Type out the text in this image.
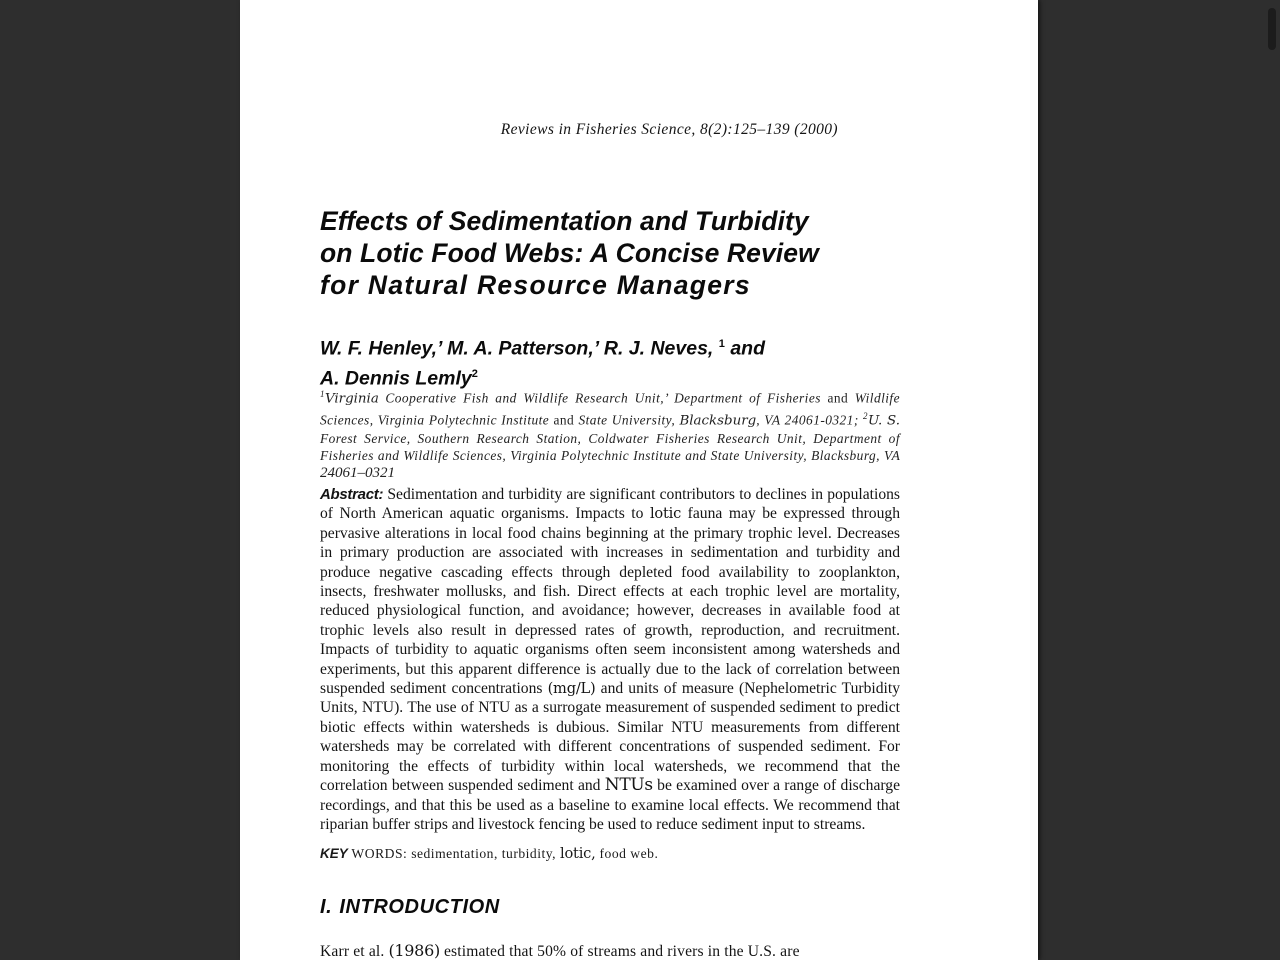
Reviews in Fisheries Science, 8(2):125–139 (2000)
Effects of Sedimentation and Turbidity
on Lotic Food Webs: A Concise Review
for Natural Resource Managers
W. F. Henley,’ M. A. Patterson,’ R. J. Neves, $^1$ and
A. Dennis Lemly$^2$
$^1$Virginia Cooperative Fish and Wildlife Research Unit,’ Department of Fisheries and Wildlife Sciences, Virginia Polytechnic Institute and State University, Blacksburg, VA 24061-0321; $^2$U. S. Forest Service, Southern Research Station, Coldwater Fisheries Research Unit, Department of Fisheries and Wildlife Sciences, Virginia Polytechnic Institute and State University, Blacksburg, VA 24061–0321
Abstract: Sedimentation and turbidity are significant contributors to declines in populations of North American aquatic organisms. Impacts to lotic fauna may be expressed through pervasive alterations in local food chains beginning at the primary trophic level. Decreases in primary production are associated with increases in sedimentation and turbidity and produce negative cascading effects through depleted food availability to zooplankton, insects, freshwater mollusks, and fish. Direct effects at each trophic level are mortality, reduced physiological function, and avoidance; however, decreases in available food at trophic levels also result in depressed rates of growth, reproduction, and recruitment. Impacts of turbidity to aquatic organisms often seem inconsistent among watersheds and experiments, but this apparent difference is actually due to the lack of correlation between suspended sediment concentrations (mg/L) and units of measure (Nephelometric Turbidity Units, NTU). The use of NTU as a surrogate measurement of suspended sediment to predict biotic effects within watersheds is dubious. Similar NTU measurements from different watersheds may be correlated with different concentrations of suspended sediment. For monitoring the effects of turbidity within local watersheds, we recommend that the correlation between suspended sediment and NTUs be examined over a range of discharge recordings, and that this be used as a baseline to examine local effects. We recommend that riparian buffer strips and livestock fencing be used to reduce sediment input to streams.
KEY WORDS: sedimentation, turbidity, lotic, food web.
I. INTRODUCTION
Karr et al. (1986) estimated that 50% of streams and rivers in the U.S. are
